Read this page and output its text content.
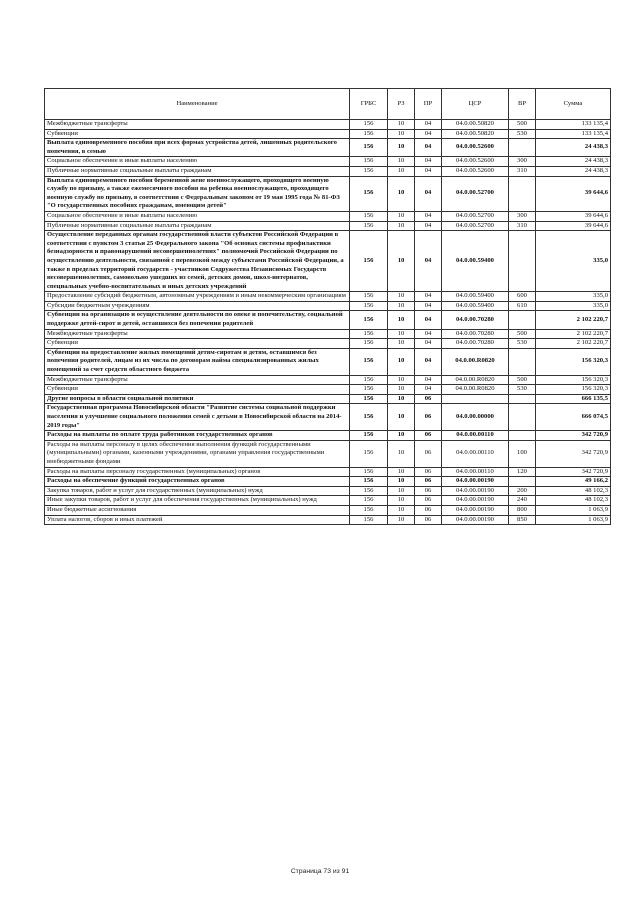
Наименование	ГРБС	РЗ	ПР	ЦСР	ВР	Сумма
Межбюджетные трансферты	156	10	04	04.0.00.50820	500	133 135,4
Субвенции	156	10	04	04.0.00.50820	530	133 135,4
Выплата единовременного пособия при всех формах устройства детей, лишенных родительского попечения, в семью	156	10	04	04.0.00.52600		24 438,3
Социальное обеспечение и иные выплаты населению	156	10	04	04.0.00.52600	300	24 438,3
Публичные нормативные социальные выплаты гражданам	156	10	04	04.0.00.52600	310	24 438,3
Выплата единовременного пособия беременной жене военнослужащего, проходящего военную службу по призыву, а также ежемесячного пособия на ребенка военнослужащего, проходящего военную службу по призыву, в соответствии с Федеральным законом от 19 мая 1995 года № 81-ФЗ "О государственных пособиях гражданам, имеющим детей"	156	10	04	04.0.00.52700		39 644,6
Социальное обеспечение и иные выплаты населению	156	10	04	04.0.00.52700	300	39 644,6
Публичные нормативные социальные выплаты гражданам	156	10	04	04.0.00.52700	310	39 644,6
Осуществление переданных органам государственной власти субъектов Российской Федерации в соответствии с пунктом 3 статьи 25 Федерального закона "Об основах системы профилактики безнадзорности и правонарушений несовершеннолетних" полномочий Российской Федерации по осуществлению деятельности, связанной с перевозкой между субъектами Российской Федерации, а также в пределах территорий государств - участников Содружества Независимых Государств несовершеннолетних, самовольно ушедших из семей, детских домов, школ-интернатов, специальных учебно-воспитательных и иных детских учреждений	156	10	04	04.0.00.59400		335,0
Предоставление субсидий бюджетным, автономным учреждениям и иным некоммерческим организациям	156	10	04	04.0.00.59400	600	335,0
Субсидии бюджетным учреждениям	156	10	04	04.0.00.59400	610	335,0
Субвенции на организацию и осуществление деятельности по опеке и попечительству, социальной поддержке детей-сирот и детей, оставшихся без попечения родителей	156	10	04	04.0.00.70280		2 102 220,7
Межбюджетные трансферты	156	10	04	04.0.00.70280	500	2 102 220,7
Субвенции	156	10	04	04.0.00.70280	530	2 102 220,7
Субвенции на предоставление жилых помещений детям-сиротам и детям, оставшимся без попечения родителей, лицам из их числа по договорам найма специализированных жилых помещений за счет средств областного бюджета	156	10	04	04.0.00.R0820		156 320,3
Межбюджетные трансферты	156	10	04	04.0.00.R0820	500	156 320,3
Субвенции	156	10	04	04.0.00.R0820	530	156 320,3
Другие вопросы в области социальной политики	156	10	06			666 135,5
Государственная программа Новосибирской области "Развитие системы социальной поддержки населения и улучшение социального положения семей с детьми в Новосибирской области на 2014-2019 годы"	156	10	06	04.0.00.00000		666 074,5
Расходы на выплаты по оплате труда работников государственных органов	156	10	06	04.0.00.00110		342 720,9
Расходы на выплаты персоналу в целях обеспечения выполнения функций государственными (муниципальными) органами, казенными учреждениями, органами управления государственными внебюджетными фондами	156	10	06	04.0.00.00110	100	342 720,9
Расходы на выплаты персоналу государственных (муниципальных) органов	156	10	06	04.0.00.00110	120	342 720,9
Расходы на обеспечение функций государственных органов	156	10	06	04.0.00.00190		49 166,2
Закупка товаров, работ и услуг для государственных (муниципальных) нужд	156	10	06	04.0.00.00190	200	48 102,3
Иные закупки товаров, работ и услуг для обеспечения государственных (муниципальных) нужд	156	10	06	04.0.00.00190	240	48 102,3
Иные бюджетные ассигнования	156	10	06	04.0.00.00190	800	1 063,9
Уплата налогов, сборов и иных платежей	156	10	06	04.0.00.00190	850	1 063,9
Страница 73 из 91
